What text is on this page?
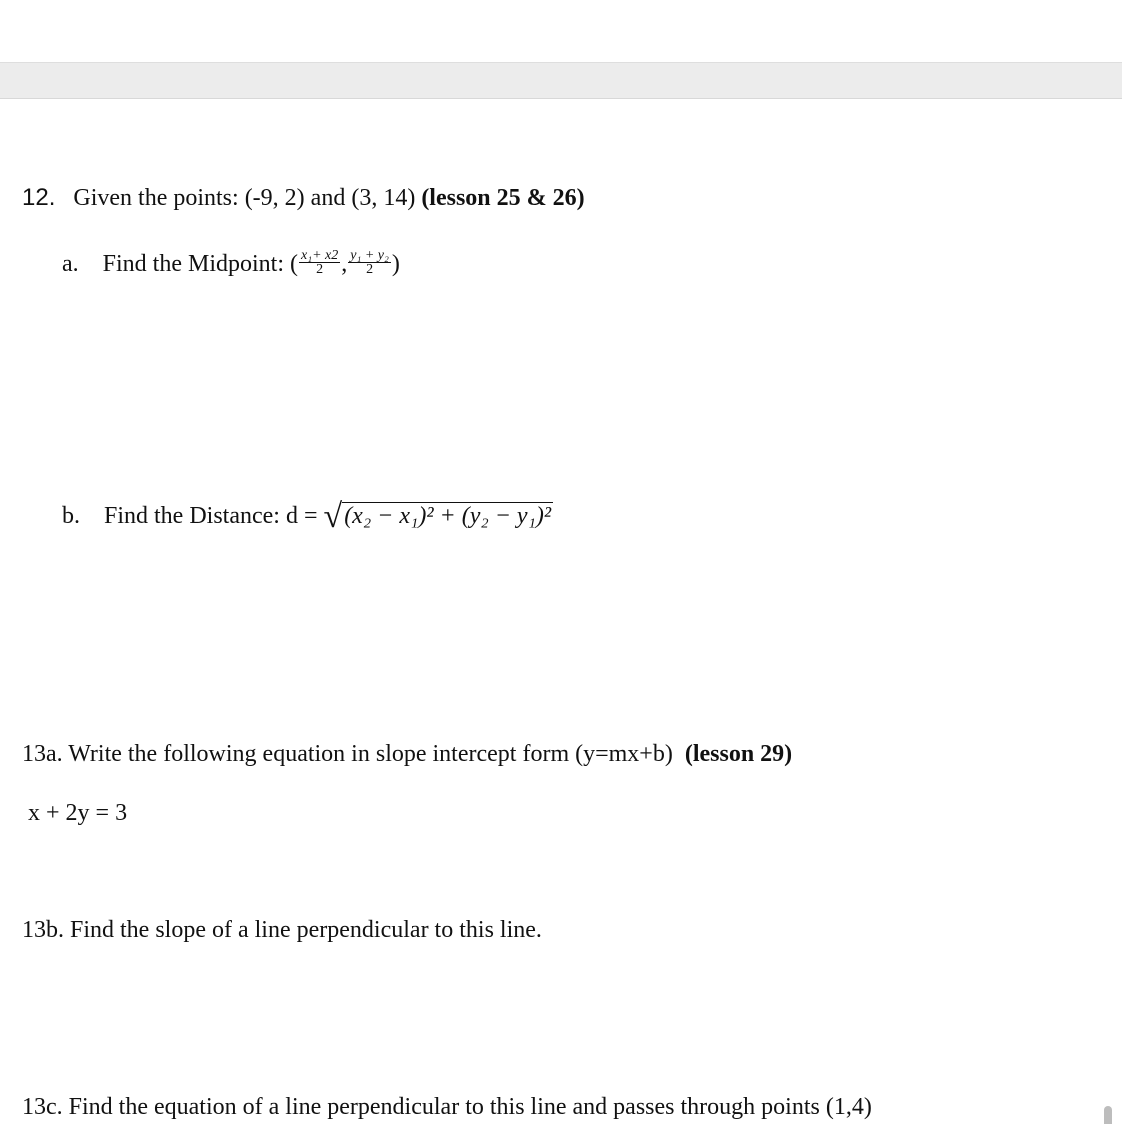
12. Given the points: (-9, 2) and (3, 14) (lesson 25 & 26)
a. Find the Midpoint: ( $\frac{\text{x₁+ x2}}{2}$ , $\frac{\text{y₁ + y₂}}{2}$ )
b. Find the Distance: d = √(x₂ − x₁)² + (y₂ − y₁)²
13a. Write the following equation in slope intercept form (y=mx+b) (lesson 29)
x + 2y = 3
13b. Find the slope of a line perpendicular to this line.
13c. Find the equation of a line perpendicular to this line and passes through points (1,4)
